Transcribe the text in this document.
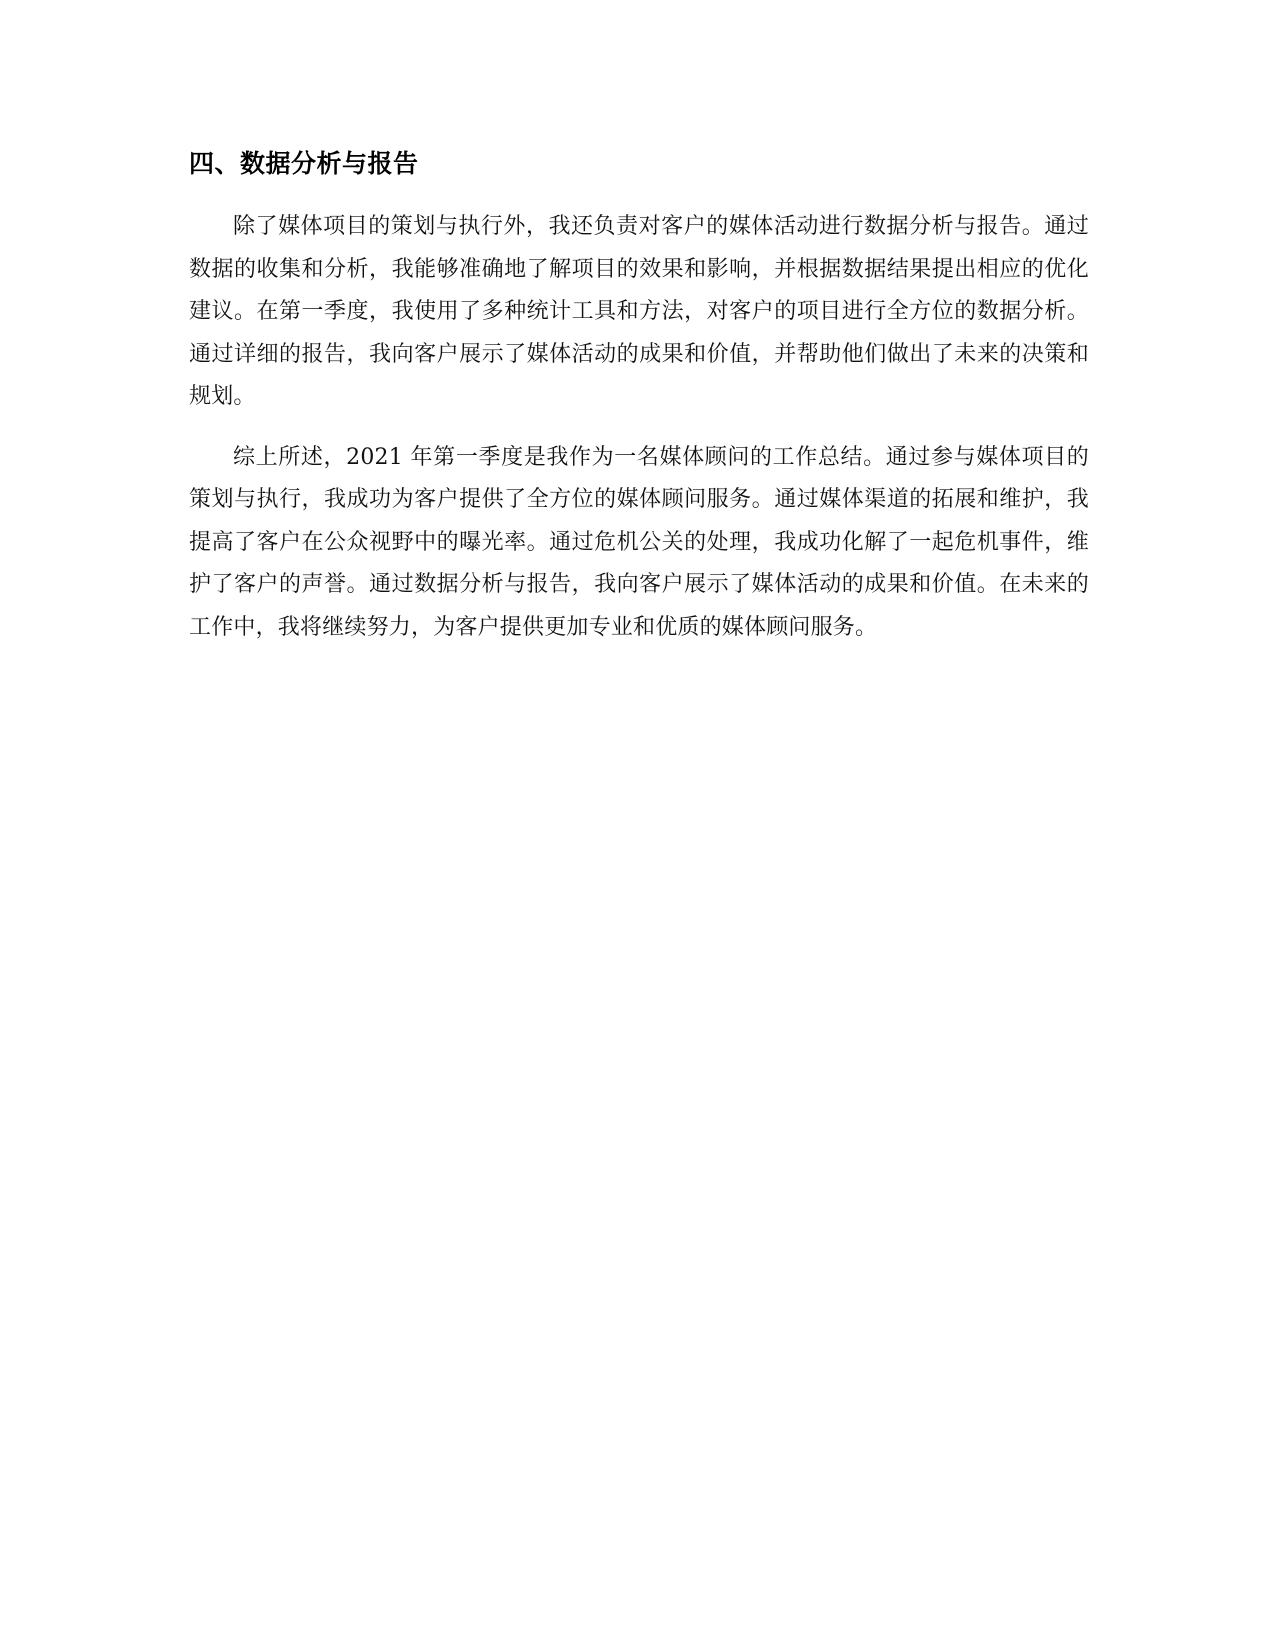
四、数据分析与报告

除了媒体项目的策划与执行外，我还负责对客户的媒体活动进行数据分析与报告。通过数据的收集和分析，我能够准确地了解项目的效果和影响，并根据数据结果提出相应的优化建议。在第一季度，我使用了多种统计工具和方法，对客户的项目进行全方位的数据分析。通过详细的报告，我向客户展示了媒体活动的成果和价值，并帮助他们做出了未来的决策和规划。

综上所述，2021 年第一季度是我作为一名媒体顾问的工作总结。通过参与媒体项目的策划与执行，我成功为客户提供了全方位的媒体顾问服务。通过媒体渠道的拓展和维护，我提高了客户在公众视野中的曝光率。通过危机公关的处理，我成功化解了一起危机事件，维护了客户的声誉。通过数据分析与报告，我向客户展示了媒体活动的成果和价值。在未来的工作中，我将继续努力，为客户提供更加专业和优质的媒体顾问服务。
